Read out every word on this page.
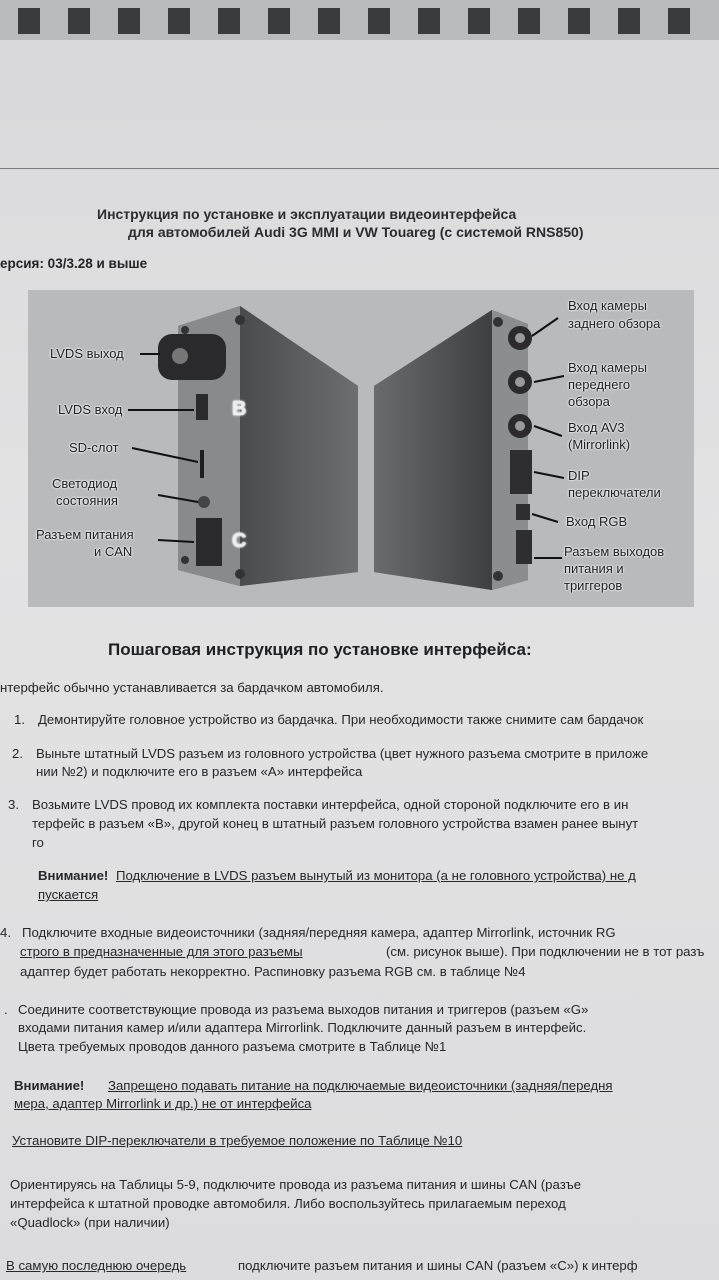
Инструкция по установке и эксплуатации видеоинтерфейса
для автомобилей Audi 3G MMI и VW Touareg (с системой RNS850)
ерсия: 03/3.28 и выше
LVDS выход
LVDS вход
SD-слот
Светодиод
состояния
Разъем питания
и CAN
B
C
Вход камеры
заднего обзора
Вход камеры
переднего
обзора
Вход AV3
(Mirrorlink)
DIP
переключатели
Вход RGB
Разъем выходов
питания и
триггеров
Пошаговая инструкция по установке интерфейса:
нтерфейс обычно устанавливается за бардачком автомобиля.
1. Демонтируйте головное устройство из бардачка. При необходимости также снимите сам бардачок
2. Выньте штатный LVDS разъем из головного устройства (цвет нужного разъема смотрите в приложе
нии №2) и подключите его в разъем «A» интерфейса
3. Возьмите LVDS провод их комплекта поставки интерфейса, одной стороной подключите его в ин
терфейс в разъем «B», другой конец в штатный разъем головного устройства взамен ранее вынут
го
Внимание! Подключение в LVDS разъем вынутый из монитора (а не головного устройства) не д
пускается
4. Подключите входные видеоисточники (задняя/передняя камера, адаптер Mirrorlink, источник RG
строго в предназначенные для этого разъемы	(см. рисунок выше). При подключении не в тот разъ
адаптер будет работать некорректно. Распиновку разъема RGB см. в таблице №4
. Соедините соответствующие провода из разъема выходов питания и триггеров (разъем «G»
входами питания камер и/или адаптера Mirrorlink. Подключите данный разъем в интерфейс.
Цвета требуемых проводов данного разъема смотрите в Таблице №1
Внимание! Запрещено подавать питание на подключаемые видеоисточники (задняя/передня
мера, адаптер Mirrorlink и др.) не от интерфейса
Установите DIP-переключатели в требуемое положение по Таблице №10
Ориентируясь на Таблицы 5-9, подключите провода из разъема питания и шины CAN (разъе
интерфейса к штатной проводке автомобиля. Либо воспользуйтесь прилагаемым переход
«Quadlock» (при наличии)
В самую последнюю очередь	подключите разъем питания и шины CAN (разъем «C») к интерф
